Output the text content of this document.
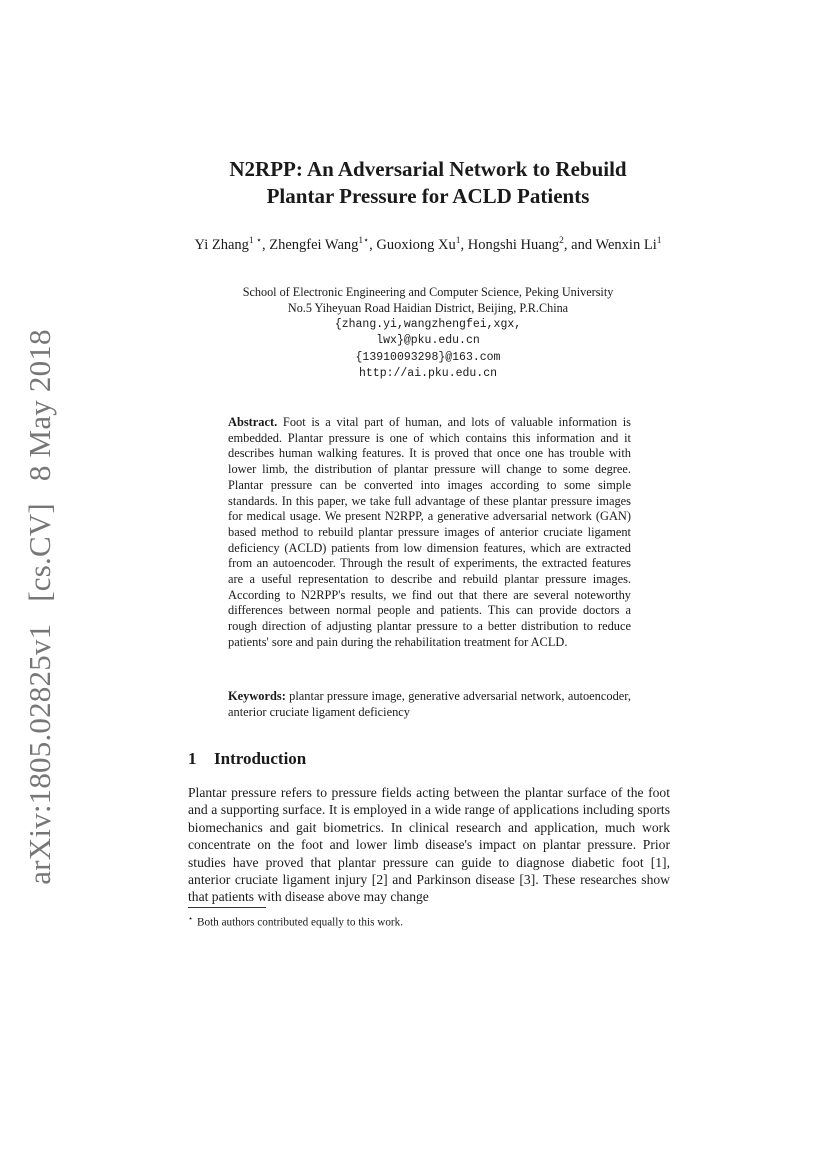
arXiv:1805.02825v1 [cs.CV] 8 May 2018
N2RPP: An Adversarial Network to Rebuild
Plantar Pressure for ACLD Patients
Yi Zhang$^{1 ⋆}$, Zhengfei Wang$^{1⋆}$, Guoxiong Xu$^1$, Hongshi Huang$^2$, and Wenxin Li$^1$
School of Electronic Engineering and Computer Science, Peking University
No.5 Yiheyuan Road Haidian District, Beijing, P.R.China
{zhang.yi,wangzhengfei,xgx,
lwx}@pku.edu.cn
{13910093298}@163.com
http://ai.pku.edu.cn
Abstract. Foot is a vital part of human, and lots of valuable information is embedded. Plantar pressure is one of which contains this information and it describes human walking features. It is proved that once one has trouble with lower limb, the distribution of plantar pressure will change to some degree. Plantar pressure can be converted into images according to some simple standards. In this paper, we take full advantage of these plantar pressure images for medical usage. We present N2RPP, a generative adversarial network (GAN) based method to rebuild plantar pressure images of anterior cruciate ligament deficiency (ACLD) patients from low dimension features, which are extracted from an autoencoder. Through the result of experiments, the extracted features are a useful representation to describe and rebuild plantar pressure images. According to N2RPP's results, we find out that there are several noteworthy differences between normal people and patients. This can provide doctors a rough direction of adjusting plantar pressure to a better distribution to reduce patients' sore and pain during the rehabilitation treatment for ACLD.
Keywords: plantar pressure image, generative adversarial network, autoencoder, anterior cruciate ligament deficiency
1 Introduction
Plantar pressure refers to pressure fields acting between the plantar surface of the foot and a supporting surface. It is employed in a wide range of applications including sports biomechanics and gait biometrics. In clinical research and application, much work concentrate on the foot and lower limb disease's impact on plantar pressure. Prior studies have proved that plantar pressure can guide to diagnose diabetic foot [1], anterior cruciate ligament injury [2] and Parkinson disease [3]. These researches show that patients with disease above may change
⋆ Both authors contributed equally to this work.
